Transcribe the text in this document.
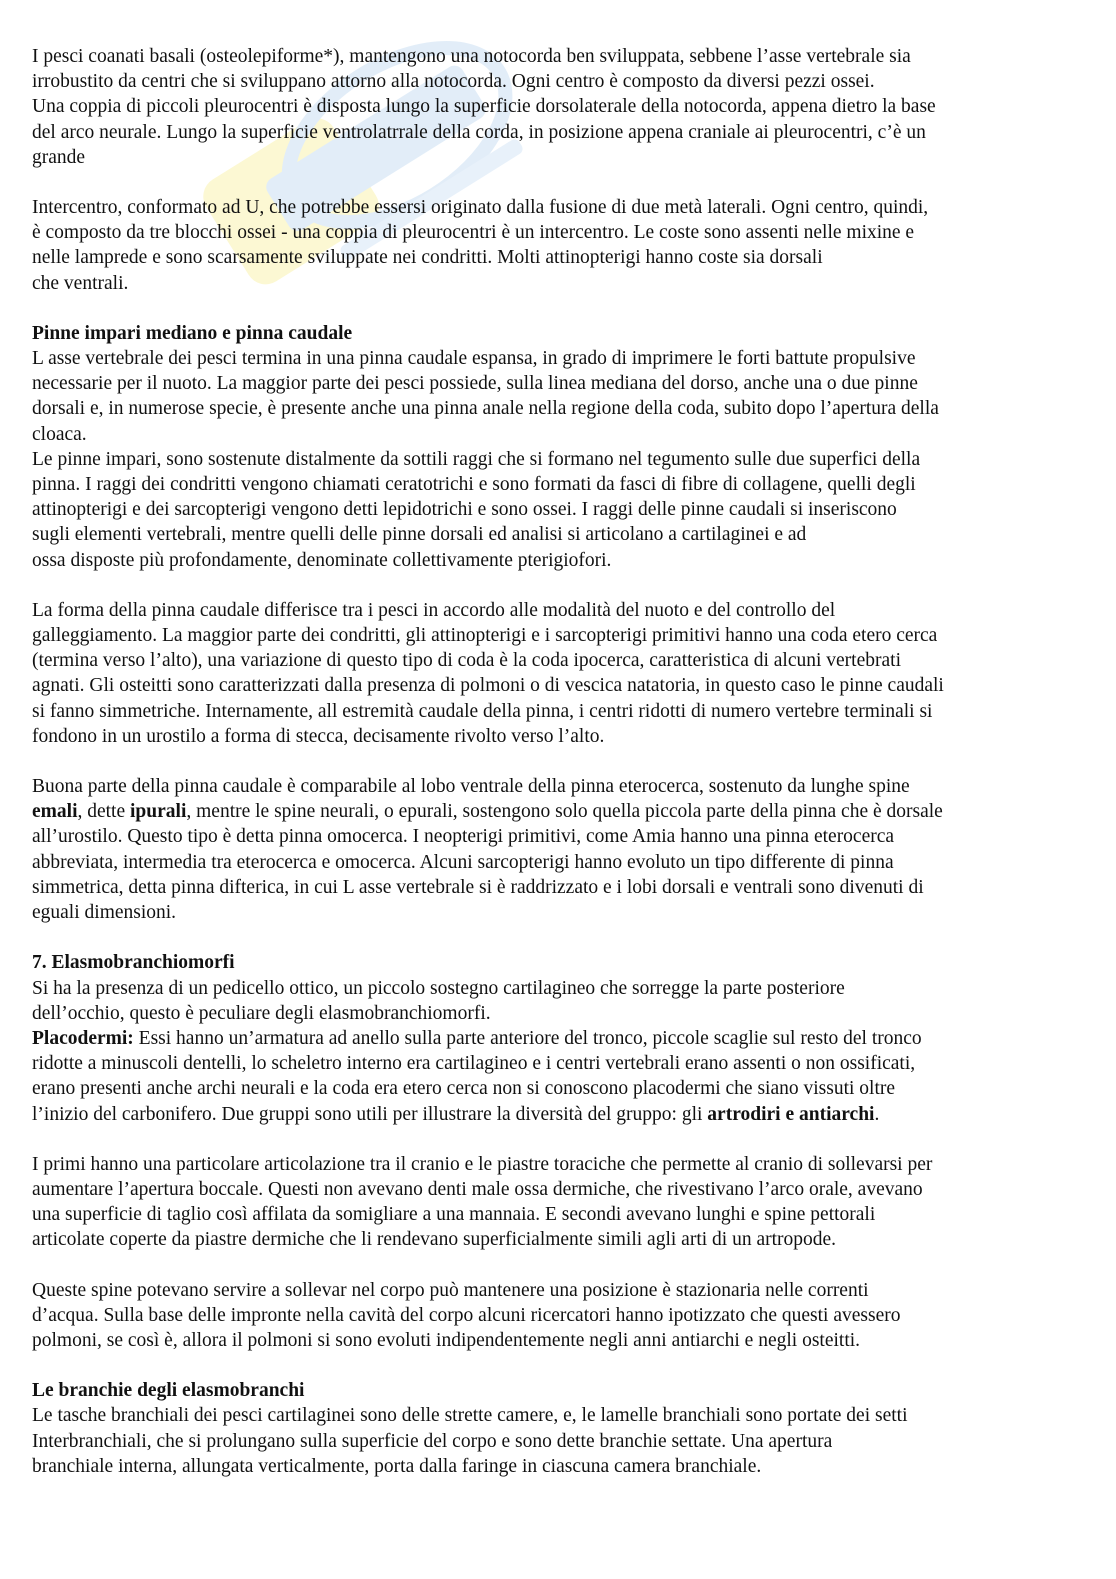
I pesci coanati basali (osteolepiforme*), mantengono una notocorda ben sviluppata, sebbene l’asse vertebrale sia
irrobustito da centri che si sviluppano attorno alla notocorda. Ogni centro è composto da diversi pezzi ossei.
Una coppia di piccoli pleurocentri è disposta lungo la superficie dorsolaterale della notocorda, appena dietro la base
del arco neurale. Lungo la superficie ventrolatrrale della corda, in posizione appena craniale ai pleurocentri, c’è un
grande

Intercentro, conformato ad U, che potrebbe essersi originato dalla fusione di due metà laterali. Ogni centro, quindi,
è composto da tre blocchi ossei - una coppia di pleurocentri è un intercentro. Le coste sono assenti nelle mixine e
nelle lamprede e sono scarsamente sviluppate nei condritti. Molti attinopterigi hanno coste sia dorsali
che ventrali.

Pinne impari mediano e pinna caudale
L asse vertebrale dei pesci termina in una pinna caudale espansa, in grado di imprimere le forti battute propulsive
necessarie per il nuoto. La maggior parte dei pesci possiede, sulla linea mediana del dorso, anche una o due pinne
dorsali e, in numerose specie, è presente anche una pinna anale nella regione della coda, subito dopo l’apertura della
cloaca.
Le pinne impari, sono sostenute distalmente da sottili raggi che si formano nel tegumento sulle due superfici della
pinna. I raggi dei condritti vengono chiamati ceratotrichi e sono formati da fasci di fibre di collagene, quelli degli
attinopterigi e dei sarcopterigi vengono detti lepidotrichi e sono ossei. I raggi delle pinne caudali si inseriscono
sugli elementi vertebrali, mentre quelli delle pinne dorsali ed analisi si articolano a cartilaginei e ad
ossa disposte più profondamente, denominate collettivamente pterigiofori.

La forma della pinna caudale differisce tra i pesci in accordo alle modalità del nuoto e del controllo del
galleggiamento. La maggior parte dei condritti, gli attinopterigi e i sarcopterigi primitivi hanno una coda etero cerca
(termina verso l’alto), una variazione di questo tipo di coda è la coda ipocerca, caratteristica di alcuni vertebrati
agnati. Gli osteitti sono caratterizzati dalla presenza di polmoni o di vescica natatoria, in questo caso le pinne caudali
si fanno simmetriche. Internamente, all estremità caudale della pinna, i centri ridotti di numero vertebre terminali si
fondono in un urostilo a forma di stecca, decisamente rivolto verso l’alto.

Buona parte della pinna caudale è comparabile al lobo ventrale della pinna eterocerca, sostenuto da lunghe spine
emali, dette ipurali, mentre le spine neurali, o epurali, sostengono solo quella piccola parte della pinna che è dorsale
all’urostilo. Questo tipo è detta pinna omocerca. I neopterigi primitivi, come Amia hanno una pinna eterocerca
abbreviata, intermedia tra eterocerca e omocerca. Alcuni sarcopterigi hanno evoluto un tipo differente di pinna
simmetrica, detta pinna difterica, in cui L asse vertebrale si è raddrizzato e i lobi dorsali e ventrali sono divenuti di
eguali dimensioni.

7. Elasmobranchiomorfi
Si ha la presenza di un pedicello ottico, un piccolo sostegno cartilagineo che sorregge la parte posteriore
dell’occhio, questo è peculiare degli elasmobranchiomorfi.
Placodermi: Essi hanno un’armatura ad anello sulla parte anteriore del tronco, piccole scaglie sul resto del tronco
ridotte a minuscoli dentelli, lo scheletro interno era cartilagineo e i centri vertebrali erano assenti o non ossificati,
erano presenti anche archi neurali e la coda era etero cerca non si conoscono placodermi che siano vissuti oltre
l’inizio del carbonifero. Due gruppi sono utili per illustrare la diversità del gruppo: gli artrodiri e antiarchi.

I primi hanno una particolare articolazione tra il cranio e le piastre toraciche che permette al cranio di sollevarsi per
aumentare l’apertura boccale. Questi non avevano denti male ossa dermiche, che rivestivano l’arco orale, avevano
una superficie di taglio così affilata da somigliare a una mannaia. E secondi avevano lunghi e spine pettorali
articolate coperte da piastre dermiche che li rendevano superficialmente simili agli arti di un artropode.

Queste spine potevano servire a sollevar nel corpo può mantenere una posizione è stazionaria nelle correnti
d’acqua. Sulla base delle impronte nella cavità del corpo alcuni ricercatori hanno ipotizzato che questi avessero
polmoni, se così è, allora il polmoni si sono evoluti indipendentemente negli anni antiarchi e negli osteitti.

Le branchie degli elasmobranchi
Le tasche branchiali dei pesci cartilaginei sono delle strette camere, e, le lamelle branchiali sono portate dei setti
Interbranchiali, che si prolungano sulla superficie del corpo e sono dette branchie settate. Una apertura
branchiale interna, allungata verticalmente, porta dalla faringe in ciascuna camera branchiale.
